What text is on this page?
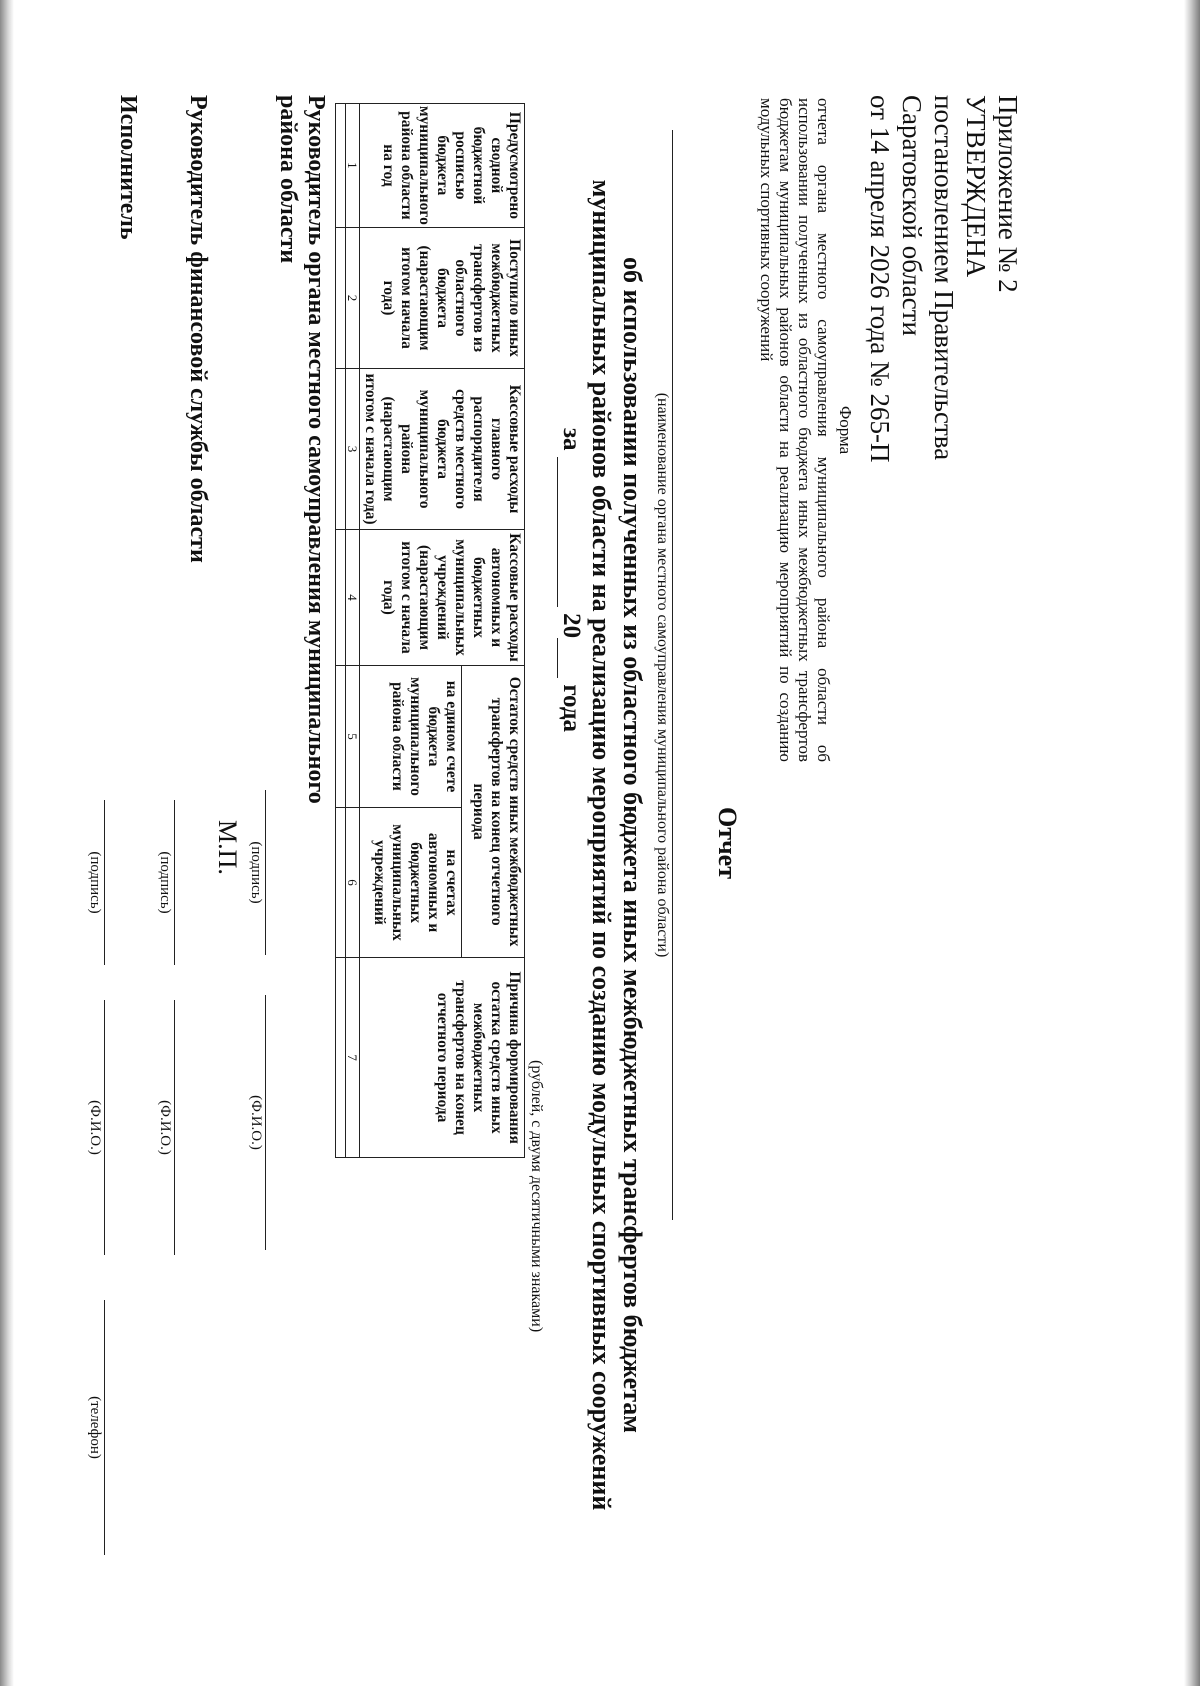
Приложение № 2
УТВЕРЖДЕНА
постановлением Правительства
Саратовской области
от 14 апреля 2026 года № 265-П
Форма
отчета органа местного самоуправления муниципального района области об использовании полученных из областного бюджета иных межбюджетных трансфертов бюджетам муниципальных районов области на реализацию мероприятий по созданию модульных спортивных сооружений
Отчет
(наименование органа местного самоуправления муниципального района области)
об использовании полученных из областного бюджета иных межбюджетных трансфертов бюджетам
муниципальных районов области на реализацию мероприятий по созданию модульных спортивных сооружений
за   20  года
(рублей, с двумя десятичными знаками)
Предусмотрено сводной бюджетной росписью бюджета муниципального района области на год	Поступило иных межбюджетных трансфертов из областного бюджета (нарастающим итогом начала года)	Кассовые расходы главного распорядителя средств местного бюджета муниципального района (нарастающим итогом с начала года)	Кассовые расходы автономных и бюджетных муниципальных учреждений (нарастающим итогом с начала года)	Остаток средств иных межбюджетных трансфертов на конец отчетного периода		Причина формирования остатка средств иных межбюджетных трансфертов на конец отчетного периода
				на едином счете бюджета муниципального района области	на счетах автономных и бюджетных муниципальных учреждений	
1	2	3	4	5	6	7

Руководитель органа местного самоуправления муниципального района области
(подпись)
(Ф.И.О.)
М.П.
Руководитель финансовой службы области
(подпись)
(Ф.И.О.)
Исполнитель
(подпись)
(Ф.И.О.)
(телефон)
